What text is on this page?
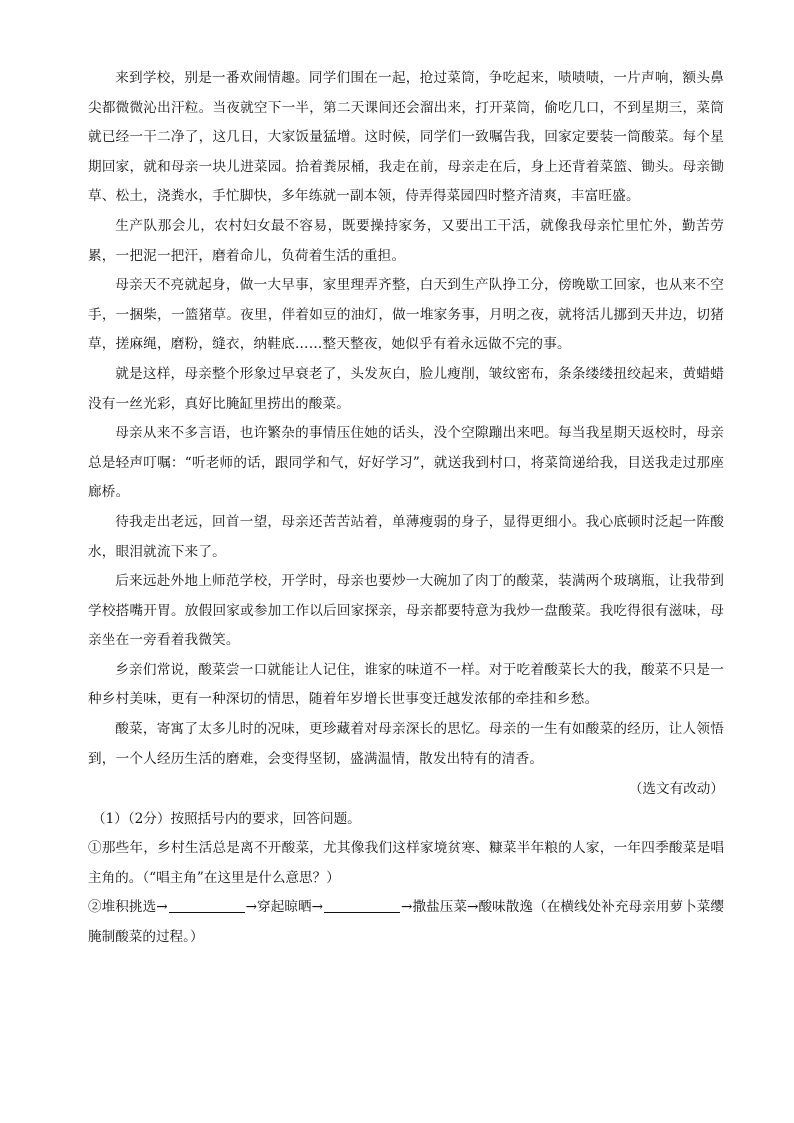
来到学校，别是一番欢闹情趣。同学们围在一起，抢过菜筒，争吃起来，啧啧啧，一片声响，额头鼻尖都微微沁出汗粒。当夜就空下一半，第二天课间还会溜出来，打开菜筒，偷吃几口，不到星期三，菜筒就已经一干二净了，这几日，大家饭量猛增。这时候，同学们一致嘱告我，回家定要装一筒酸菜。每个星期回家，就和母亲一块儿进菜园。拾着粪尿桶，我走在前，母亲走在后，身上还背着菜篮、锄头。母亲锄草、松土，浇粪水，手忙脚快，多年练就一副本领，侍弄得菜园四时整齐清爽，丰富旺盛。

生产队那会儿，农村妇女最不容易，既要操持家务，又要出工干活，就像我母亲忙里忙外，勤苦劳累，一把泥一把汗，磨着命儿，负荷着生活的重担。

母亲天不亮就起身，做一大早事，家里理弄齐整，白天到生产队挣工分，傍晚歇工回家，也从来不空手，一捆柴，一篮猪草。夜里，伴着如豆的油灯，做一堆家务事，月明之夜，就将活儿挪到天井边，切猪草，搓麻绳，磨粉，缝衣，纳鞋底……整天整夜，她似乎有着永远做不完的事。

就是这样，母亲整个形象过早衰老了，头发灰白，脸儿瘦削，皱纹密布，条条缕缕扭绞起来，黄蜡蜡没有一丝光彩，真好比腌缸里捞出的酸菜。

母亲从来不多言语，也许繁杂的事情压住她的话头，没个空隙蹦出来吧。每当我星期天返校时，母亲总是轻声叮嘱：“听老师的话，跟同学和气，好好学习”，就送我到村口，将菜筒递给我，目送我走过那座廊桥。

待我走出老远，回首一望，母亲还苦苦站着，单薄瘦弱的身子，显得更细小。我心底顿时泛起一阵酸水，眼泪就流下来了。

后来远赴外地上师范学校，开学时，母亲也要炒一大碗加了肉丁的酸菜，装满两个玻璃瓶，让我带到学校搭嘴开胃。放假回家或参加工作以后回家探亲，母亲都要特意为我炒一盘酸菜。我吃得很有滋味，母亲坐在一旁看着我微笑。

乡亲们常说，酸菜尝一口就能让人记住，谁家的味道不一样。对于吃着酸菜长大的我，酸菜不只是一种乡村美味，更有一种深切的情思，随着年岁增长世事变迁越发浓郁的牵挂和乡愁。

酸菜，寄寓了太多儿时的况味，更珍藏着对母亲深长的思忆。母亲的一生有如酸菜的经历，让人领悟到，一个人经历生活的磨难，会变得坚韧，盛满温情，散发出特有的清香。

（选文有改动）

（1）（2分）按照括号内的要求，回答问题。

①那些年，乡村生活总是离不开酸菜，尤其像我们这样家境贫寒、糠菜半年粮的人家，一年四季酸菜是唱主角的。（“唱主角”在这里是什么意思？）

②堆积挑选→	→穿起晾晒→	→撒盐压菜→酸味散逸（在横线处补充母亲用萝卜菜缨腌制酸菜的过程。）
